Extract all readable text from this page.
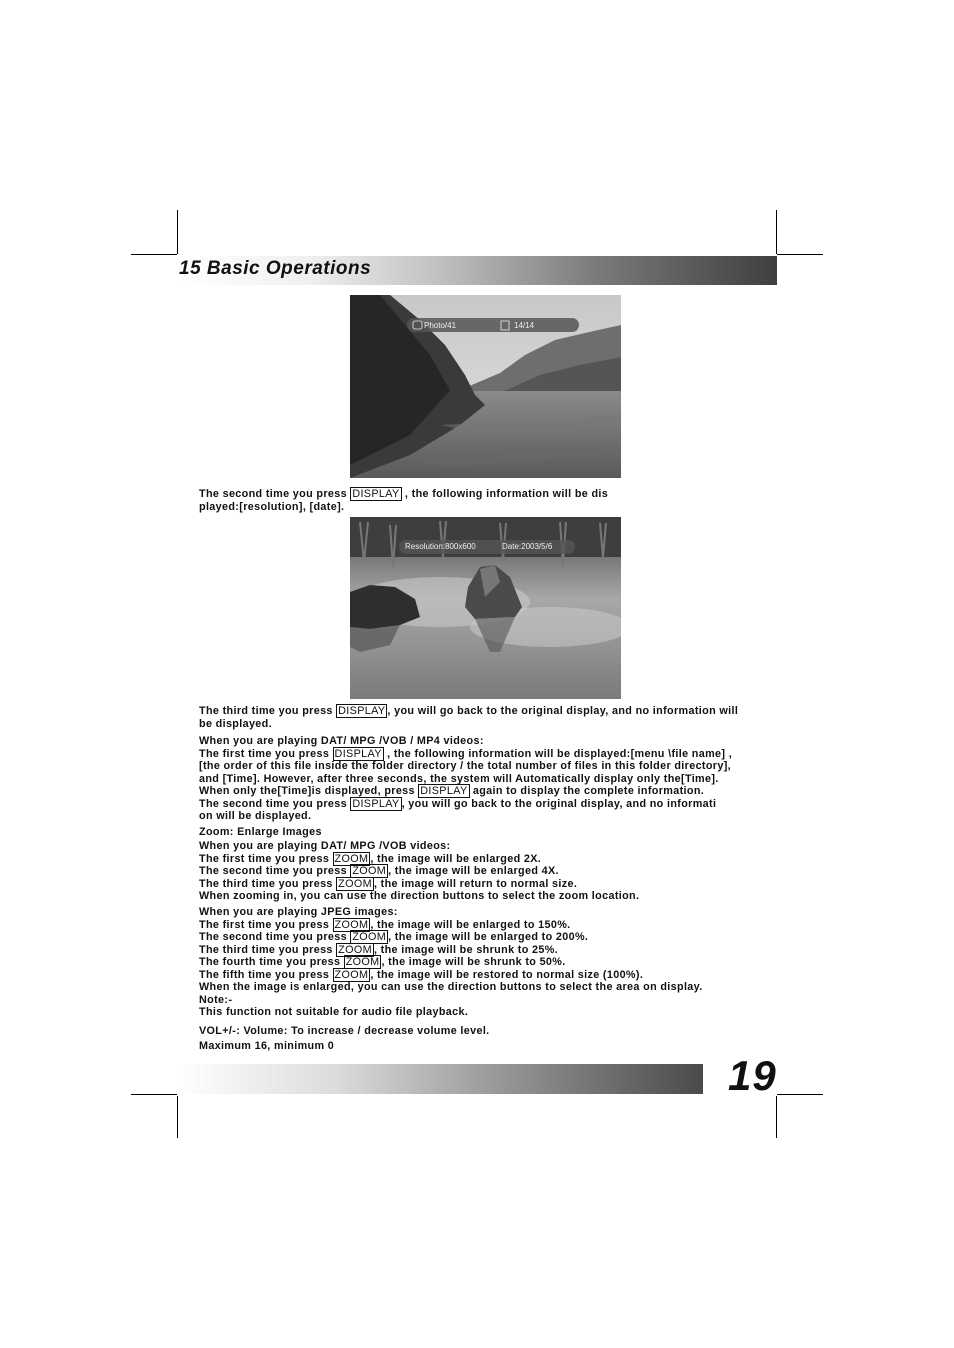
15 Basic Operations
Photo/41	14/14

The second time you press DISPLAY , the following information will be dis

played:[resolution], [date].

Resolution:800x600	Date:2003/5/6

The third time you press DISPLAY , you will go back to the original display, and no information will

be displayed.

When you are playing DAT/ MPG /VOB / MP4 videos:

The first time you press DISPLAY , the following information will be displayed:[menu \file name] ,

[the order of this file inside the folder directory / the total number of files in this folder directory],

and [Time]. However, after three seconds, the system will Automatically display only the[Time].

When only the[Time]is displayed, press DISPLAY again to display the complete information.

The second time you press DISPLAY , you will go back to the original display, and no informati

on will be displayed.

Zoom: Enlarge Images

When you are playing DAT/ MPG /VOB videos:

The first time you press ZOOM , the image will be enlarged 2X.

The second time you press ZOOM , the image will be enlarged 4X.

The third time you press ZOOM , the image will return to normal size.

When zooming in, you can use the direction buttons to select the zoom location.

When you are playing JPEG images:

The first time you press ZOOM , the image will be enlarged to 150%.

The second time you press ZOOM , the image will be enlarged to 200%.

The third time you press ZOOM , the image will be shrunk to 25%.

The fourth time you press ZOOM , the image will be shrunk to 50%.

The fifth time you press ZOOM , the image will be restored to normal size (100%).

When the image is enlarged, you can use the direction buttons to select the area on display.

Note:-

This function not suitable for audio file playback.

VOL+/-: Volume: To increase / decrease volume level.

Maximum 16, minimum 0

19
